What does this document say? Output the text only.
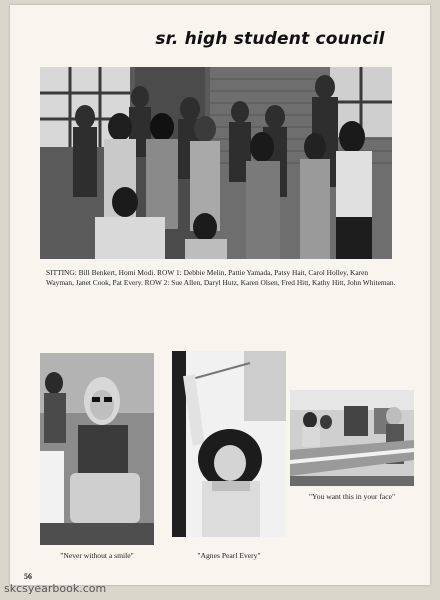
sr. high student council
SITTING: Bill Benkert, Homi Modi. ROW 1: Debbie Melin, Pattie Yamada, Patsy Hait, Carol Holley, Karen Wayman, Janet Cook, Pat Every. ROW 2: Sue Allen, Daryl Hutz, Karen Olsen, Fred Hitt, Kathy Hitt, John Whiteman.
"Never without a smile"	"Agnes Pearl Every"
"You want this in your face"
56
skcsyearbook.com
